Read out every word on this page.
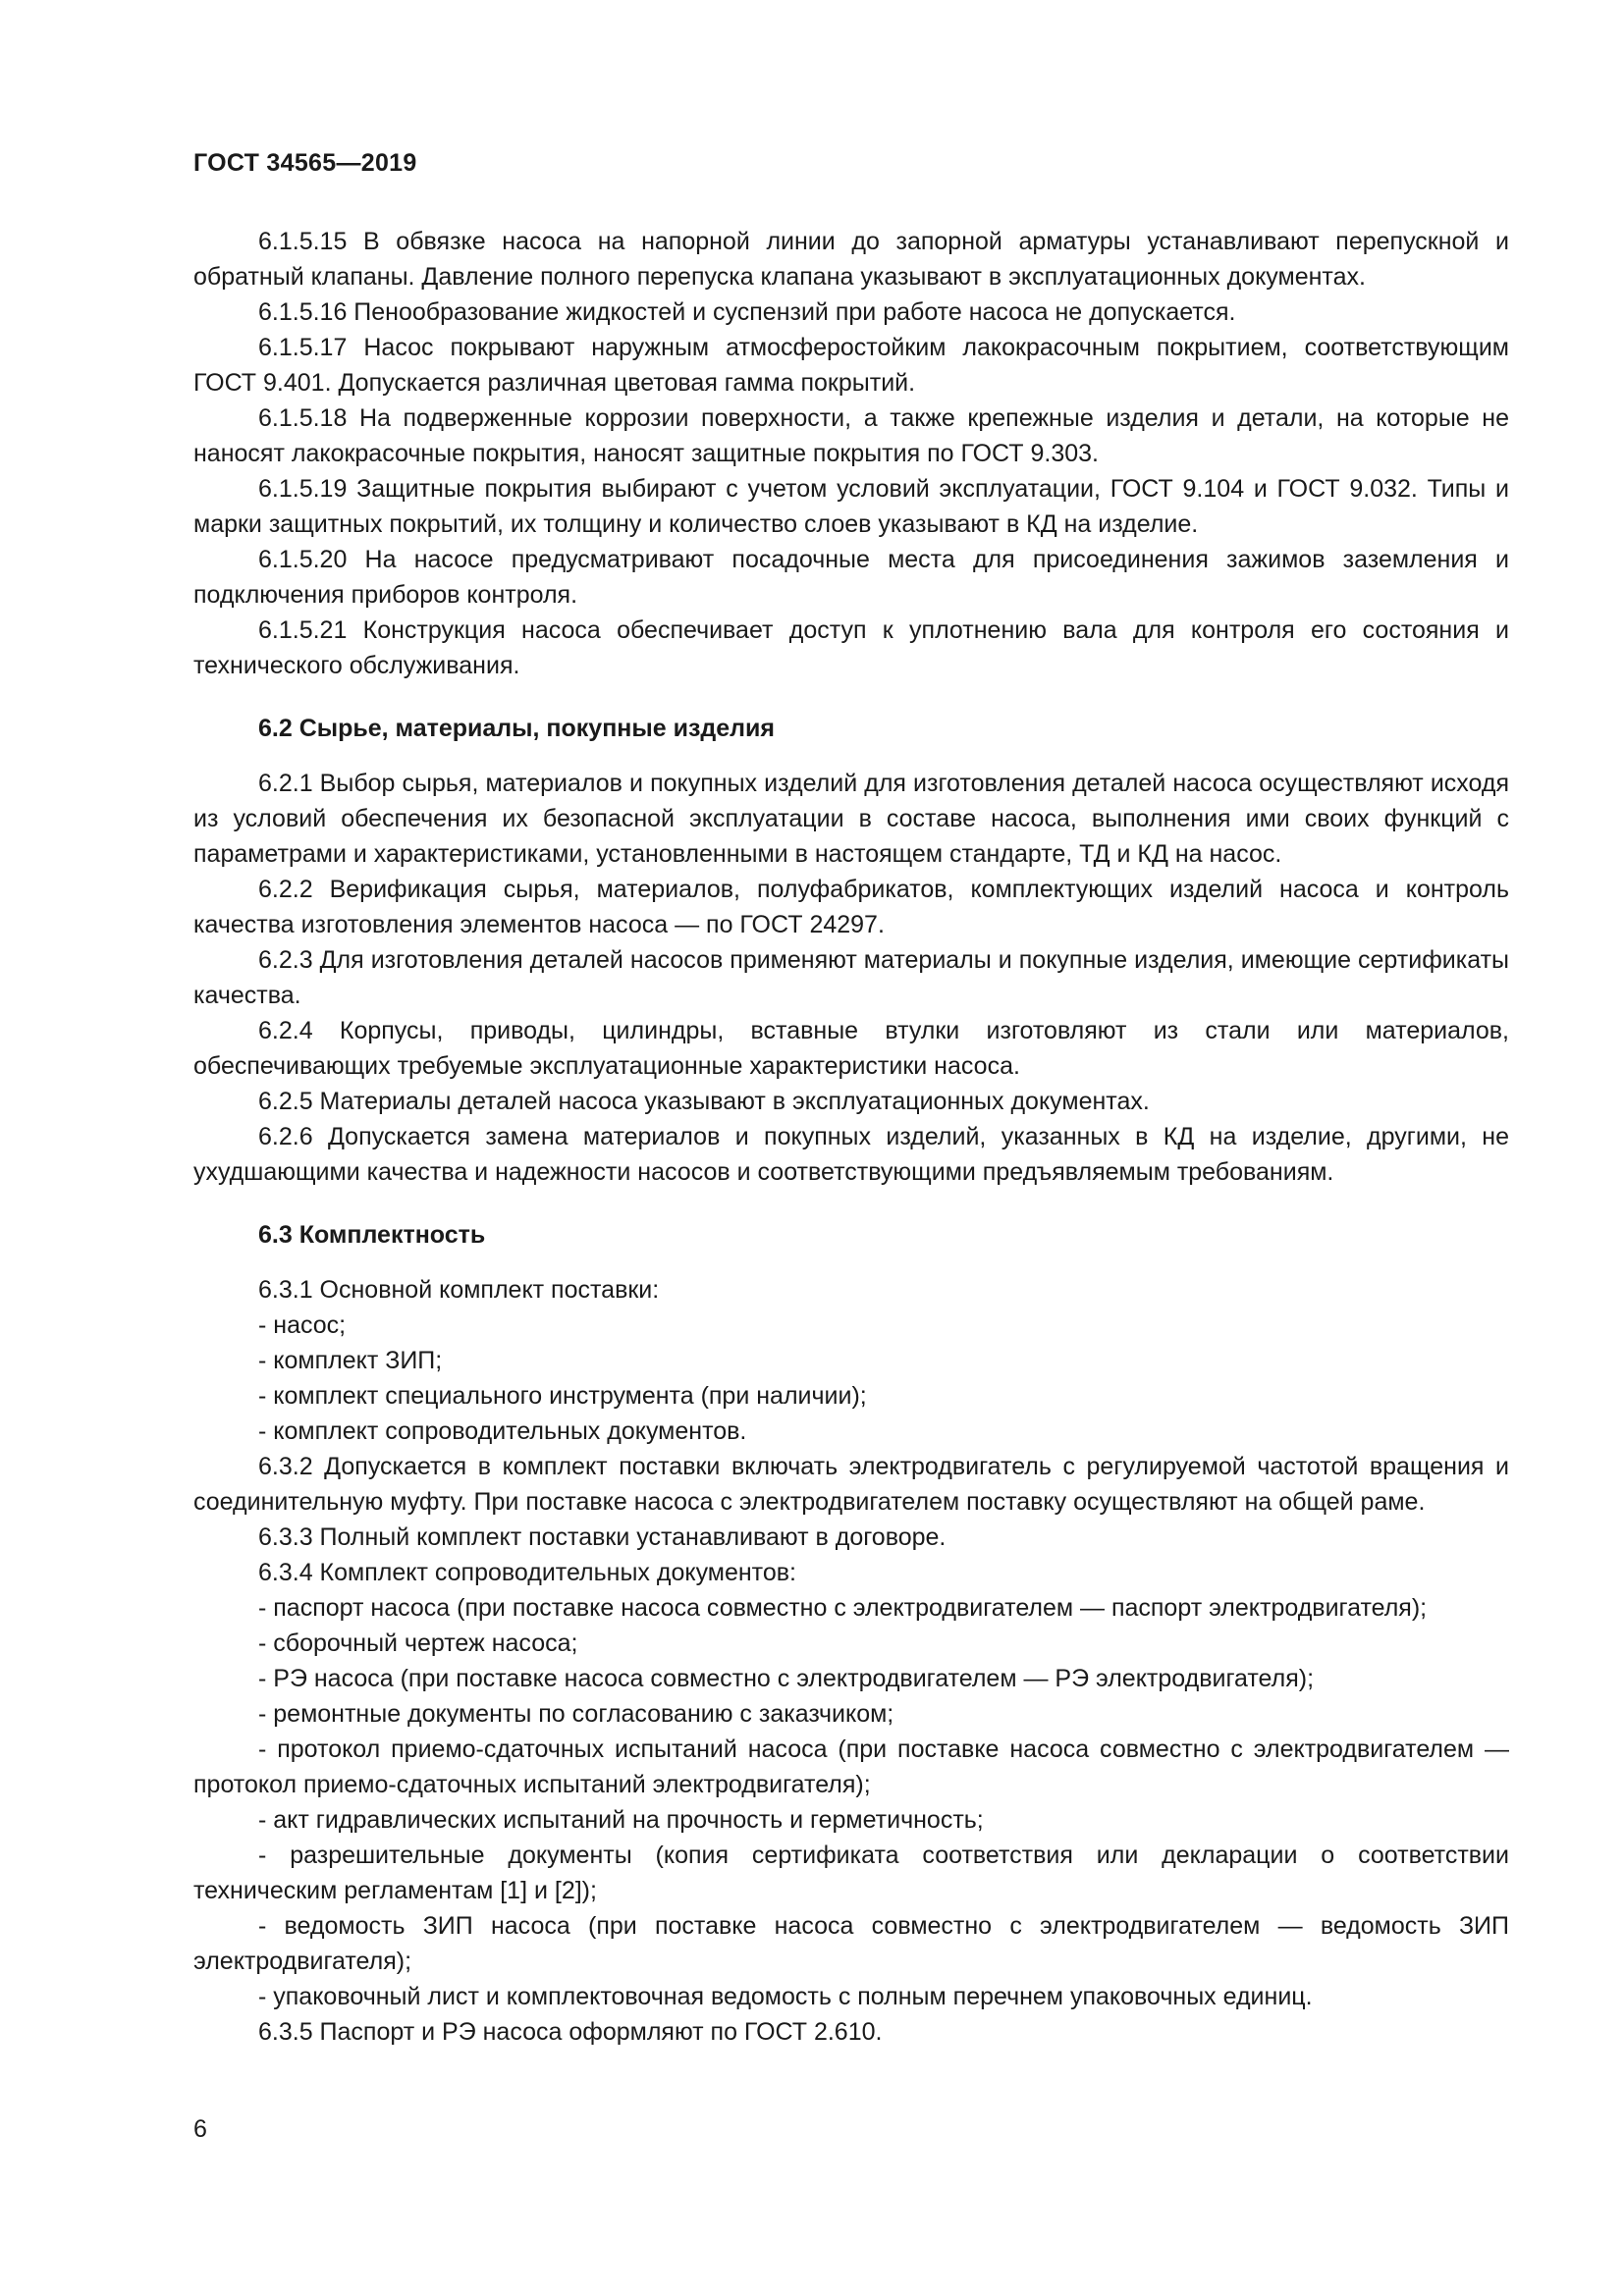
ГОСТ 34565—2019

6.1.5.15 В обвязке насоса на напорной линии до запорной арматуры устанавливают перепускной и обратный клапаны. Давление полного перепуска клапана указывают в эксплуатационных документах.

6.1.5.16 Пенообразование жидкостей и суспензий при работе насоса не допускается.

6.1.5.17 Насос покрывают наружным атмосферостойким лакокрасочным покрытием, соответствующим ГОСТ 9.401. Допускается различная цветовая гамма покрытий.

6.1.5.18 На подверженные коррозии поверхности, а также крепежные изделия и детали, на которые не наносят лакокрасочные покрытия, наносят защитные покрытия по ГОСТ 9.303.

6.1.5.19 Защитные покрытия выбирают с учетом условий эксплуатации, ГОСТ 9.104 и ГОСТ 9.032. Типы и марки защитных покрытий, их толщину и количество слоев указывают в КД на изделие.

6.1.5.20 На насосе предусматривают посадочные места для присоединения зажимов заземления и подключения приборов контроля.

6.1.5.21 Конструкция насоса обеспечивает доступ к уплотнению вала для контроля его состояния и технического обслуживания.

6.2 Сырье, материалы, покупные изделия

6.2.1 Выбор сырья, материалов и покупных изделий для изготовления деталей насоса осуществляют исходя из условий обеспечения их безопасной эксплуатации в составе насоса, выполнения ими своих функций с параметрами и характеристиками, установленными в настоящем стандарте, ТД и КД на насос.

6.2.2 Верификация сырья, материалов, полуфабрикатов, комплектующих изделий насоса и контроль качества изготовления элементов насоса — по ГОСТ 24297.

6.2.3 Для изготовления деталей насосов применяют материалы и покупные изделия, имеющие сертификаты качества.

6.2.4 Корпусы, приводы, цилиндры, вставные втулки изготовляют из стали или материалов, обеспечивающих требуемые эксплуатационные характеристики насоса.

6.2.5 Материалы деталей насоса указывают в эксплуатационных документах.

6.2.6 Допускается замена материалов и покупных изделий, указанных в КД на изделие, другими, не ухудшающими качества и надежности насосов и соответствующими предъявляемым требованиям.

6.3 Комплектность

6.3.1 Основной комплект поставки:

- насос;

- комплект ЗИП;

- комплект специального инструмента (при наличии);

- комплект сопроводительных документов.

6.3.2 Допускается в комплект поставки включать электродвигатель с регулируемой частотой вращения и соединительную муфту. При поставке насоса с электродвигателем поставку осуществляют на общей раме.

6.3.3 Полный комплект поставки устанавливают в договоре.

6.3.4 Комплект сопроводительных документов:

- паспорт насоса (при поставке насоса совместно с электродвигателем — паспорт электродвигателя);

- сборочный чертеж насоса;

- РЭ насоса (при поставке насоса совместно с электродвигателем — РЭ электродвигателя);

- ремонтные документы по согласованию с заказчиком;

- протокол приемо-сдаточных испытаний насоса (при поставке насоса совместно с электродвигателем — протокол приемо-сдаточных испытаний электродвигателя);

- акт гидравлических испытаний на прочность и герметичность;

- разрешительные документы (копия сертификата соответствия или декларации о соответствии техническим регламентам [1] и [2]);

- ведомость ЗИП насоса (при поставке насоса совместно с электродвигателем — ведомость ЗИП электродвигателя);

- упаковочный лист и комплектовочная ведомость с полным перечнем упаковочных единиц.

6.3.5 Паспорт и РЭ насоса оформляют по ГОСТ 2.610.

6
